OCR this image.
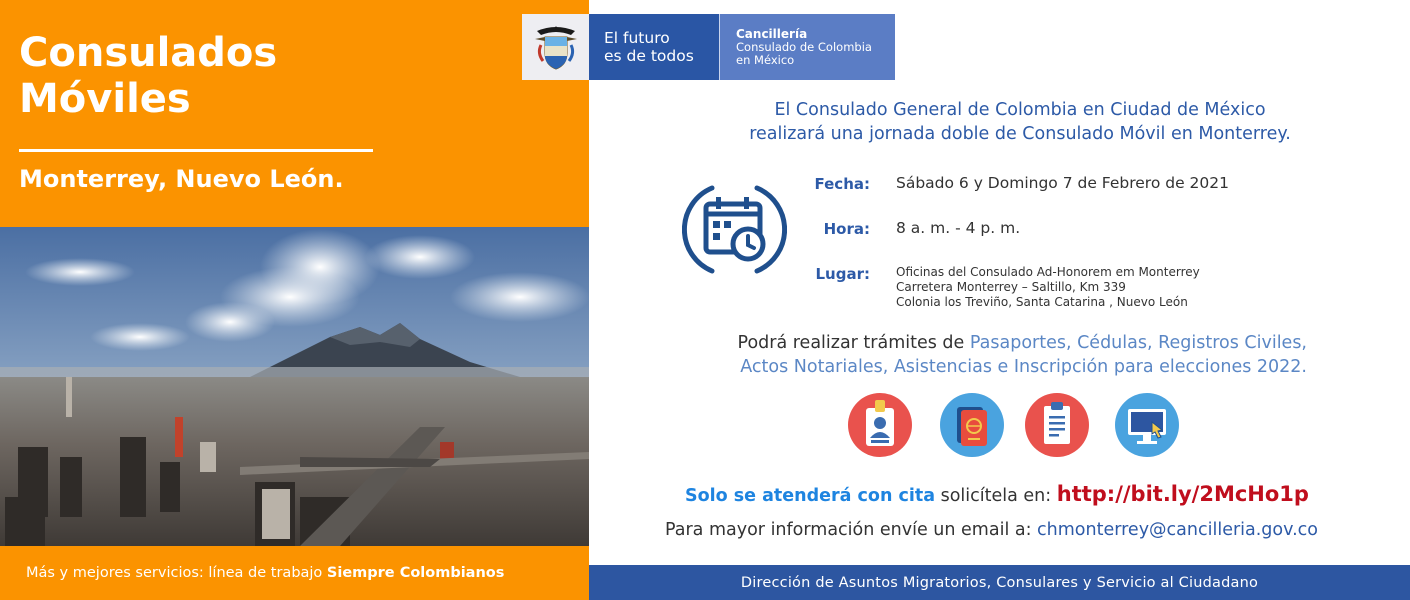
Consulados
Móviles
Monterrey, Nuevo León.
Más y mejores servicios: línea de trabajo Siempre Colombianos
El futuro
es de todos
Cancillería
Consulado de Colombia
en México
El Consulado General de Colombia en Ciudad de México
realizará una jornada doble de Consulado Móvil en Monterrey.
Fecha: Sábado 6 y Domingo 7 de Febrero de 2021
Hora: 8 a. m. - 4 p. m.
Lugar: Oficinas del Consulado Ad-Honorem em Monterrey
Carretera Monterrey – Saltillo, Km 339
Colonia los Treviño, Santa Catarina , Nuevo León
Podrá realizar trámites de Pasaportes, Cédulas, Registros Civiles,
Actos Notariales, Asistencias e Inscripción para elecciones 2022.
Solo se atenderá con cita solicítela en: http://bit.ly/2McHo1p
Para mayor información envíe un email a: chmonterrey@cancilleria.gov.co
Dirección de Asuntos Migratorios, Consulares y Servicio al Ciudadano
